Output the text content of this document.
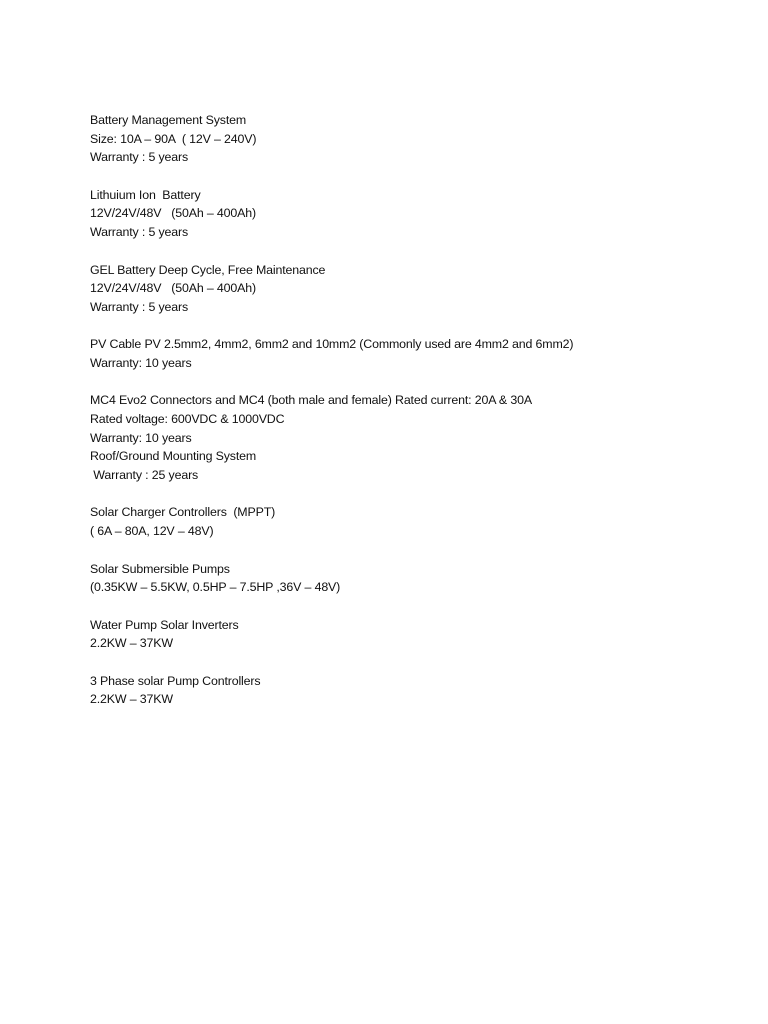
Battery Management System
Size: 10A – 90A  ( 12V – 240V)
Warranty : 5 years
Lithuium Ion  Battery
12V/24V/48V   (50Ah – 400Ah)
Warranty : 5 years
GEL Battery Deep Cycle, Free Maintenance
12V/24V/48V   (50Ah – 400Ah)
Warranty : 5 years
PV Cable PV 2.5mm2, 4mm2, 6mm2 and 10mm2 (Commonly used are 4mm2 and 6mm2)
Warranty: 10 years
MC4 Evo2 Connectors and MC4 (both male and female) Rated current: 20A & 30A
Rated voltage: 600VDC & 1000VDC
Warranty: 10 years
Roof/Ground Mounting System
Warranty : 25 years
Solar Charger Controllers  (MPPT)
( 6A – 80A, 12V – 48V)
Solar Submersible Pumps
(0.35KW – 5.5KW, 0.5HP – 7.5HP ,36V – 48V)
Water Pump Solar Inverters
2.2KW – 37KW
3 Phase solar Pump Controllers
2.2KW – 37KW
